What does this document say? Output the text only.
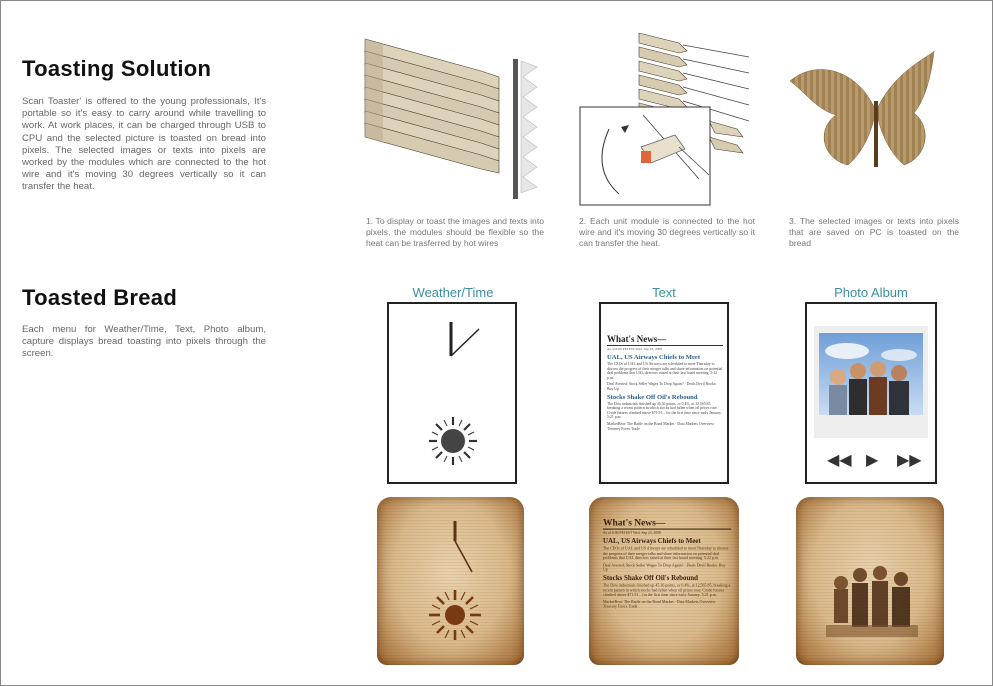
Toasting Solution
Scan Toaster' is offered to the young professionals, It's portable so it's easy to carry around while travelling to work. At work places, it can be charged through USB to CPU and the selected picture is toasted on bread into pixels. The selected images or texts into pixels are worked by the modules which are connected to the hot wire and it's moving 30 degrees vertically so it can transfer the heat.
Toasted Bread
Each menu for Weather/Time, Text, Photo album, capture displays bread toasting into pixels through the screen.
1. To display or toast the images and texts into pixels, the modules should be flexible so the heat can be trasferred by hot wires
2. Each unit module is connected to the hot wire and it's moving 30 degrees vertically so it can transfer the heat.
3. The selected images or texts into pixels that are saved on PC is toasted on the bread
Weather/Time	Text	Photo Album
What's News—
As of 6:00 PM EST Wed. Sep 23, 2008
UAL, US Airways Chiefs to Meet
The CEOs of UAL and US Airways are scheduled to meet Thursday to discuss the progress of their merger talks and share information on potential deal problems that UAL directors raised at their last board meeting. 5:22 p.m.
Deal Averted; Stock Seller Wages To Drop Again? · Deals Devil Books: Buy Up
Stocks Shake Off Oil's Rebound
The Dow industrials finished up 45.36 points, or 0.4%, at 12,565.85, breaking a recent pattern in which stocks had fallen when oil prices rose. Crude futures climbed above $71.91... for the first time since early January. 5:21 p.m.
MarketBeat: The Battle on the Bond Market · Data Markets Overview: Treasury Forex Trade
◀◀ ▶ ▶▶
What's News—
As of 6:00 PM EST Wed. Sep 23, 2008
UAL, US Airways Chiefs to Meet
The CEOs of UAL and US Airways are scheduled to meet Thursday to discuss the progress of their merger talks and share information on potential deal problems that UAL directors raised at their last board meeting. 5:22 p.m.
Deal Averted; Stock Seller Wages To Drop Again? · Deals Devil Books: Buy Up
Stocks Shake Off Oil's Rebound
The Dow industrials finished up 45.36 points, or 0.4%, at 12,565.85, breaking a recent pattern in which stocks had fallen when oil prices rose. Crude futures climbed above $71.91... for the first time since early January. 5:21 p.m.
MarketBeat: The Battle on the Bond Market · Data Markets Overview: Treasury Forex Trade
